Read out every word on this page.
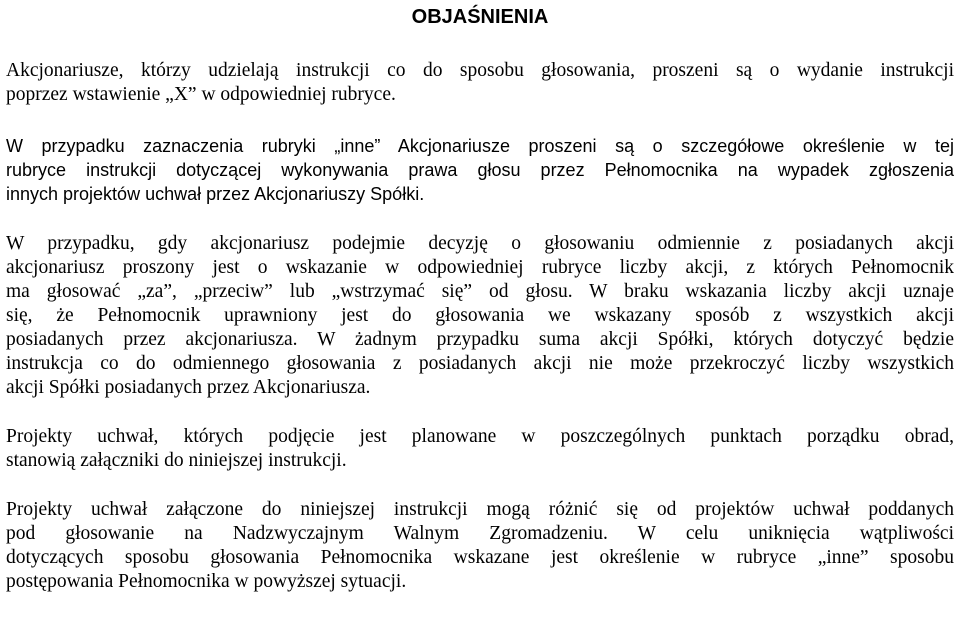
OBJAŚNIENIA
Akcjonariusze, którzy udzielają instrukcji co do sposobu głosowania, proszeni są o wydanie instrukcji
poprzez wstawienie „X” w odpowiedniej rubryce.
W przypadku zaznaczenia rubryki „inne” Akcjonariusze proszeni są o szczegółowe określenie w tej
rubryce instrukcji dotyczącej wykonywania prawa głosu przez Pełnomocnika na wypadek zgłoszenia
innych projektów uchwał przez Akcjonariuszy Spółki.
W przypadku, gdy akcjonariusz podejmie decyzję o głosowaniu odmiennie z posiadanych akcji
akcjonariusz proszony jest o wskazanie w odpowiedniej rubryce liczby akcji, z których Pełnomocnik
ma głosować „za”, „przeciw” lub „wstrzymać się” od głosu. W braku wskazania liczby akcji uznaje
się, że Pełnomocnik uprawniony jest do głosowania we wskazany sposób z wszystkich akcji
posiadanych przez akcjonariusza. W żadnym przypadku suma akcji Spółki, których dotyczyć będzie
instrukcja co do odmiennego głosowania z posiadanych akcji nie może przekroczyć liczby wszystkich
akcji Spółki posiadanych przez Akcjonariusza.
Projekty uchwał, których podjęcie jest planowane w poszczególnych punktach porządku obrad,
stanowią załączniki do niniejszej instrukcji.
Projekty uchwał załączone do niniejszej instrukcji mogą różnić się od projektów uchwał poddanych
pod głosowanie na Nadzwyczajnym Walnym Zgromadzeniu. W celu uniknięcia wątpliwości
dotyczących sposobu głosowania Pełnomocnika wskazane jest określenie w rubryce „inne” sposobu
postępowania Pełnomocnika w powyższej sytuacji.
